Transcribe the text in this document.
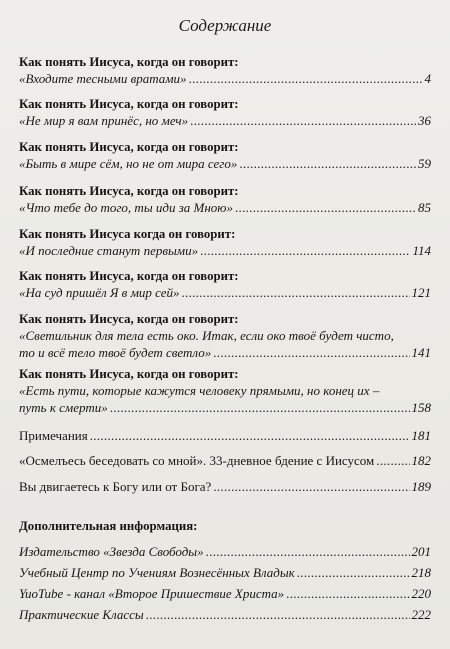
Содержание
Как понять Иисуса, когда он говорит:
«Входите тесными вратами» .....	4
Как понять Иисуса, когда он говорит:
«Не мир я вам принёс, но меч» .....	36
Как понять Иисуса, когда он говорит:
«Быть в мире сём, но не от мира сего» .....	59
Как понять Иисуса, когда он говорит:
«Что тебе до того, ты иди за Мною» .....	85
Как понять Иисуса когда он говорит:
«И последние станут первыми» .....	114
Как понять Иисуса, когда он говорит:
«На суд пришёл Я в мир сей» .....	121
Как понять Иисуса, когда он говорит:
«Светильник для тела есть око. Итак, если око твоё будет чисто,
то и всё тело твоё будет светло» .....	141
Как понять Иисуса, когда он говорит:
«Есть пути, которые кажутся человеку прямыми, но конец их –
путь к смерти» .....	158
Примечания .....	181
«Осмелъесь беседовать со мной». 33-дневное бдение с Иисусом .....	182
Вы двигаетесь к Богу или от Бога? .....	189
Дополнительная информация:
Издательство «Звезда Свободы» .....	201
Учебный Центр по Учениям Вознесённых Владык .....	218
YuoTube - канал «Второе Пришествие Христа» .....	220
Практические Классы .....	222
